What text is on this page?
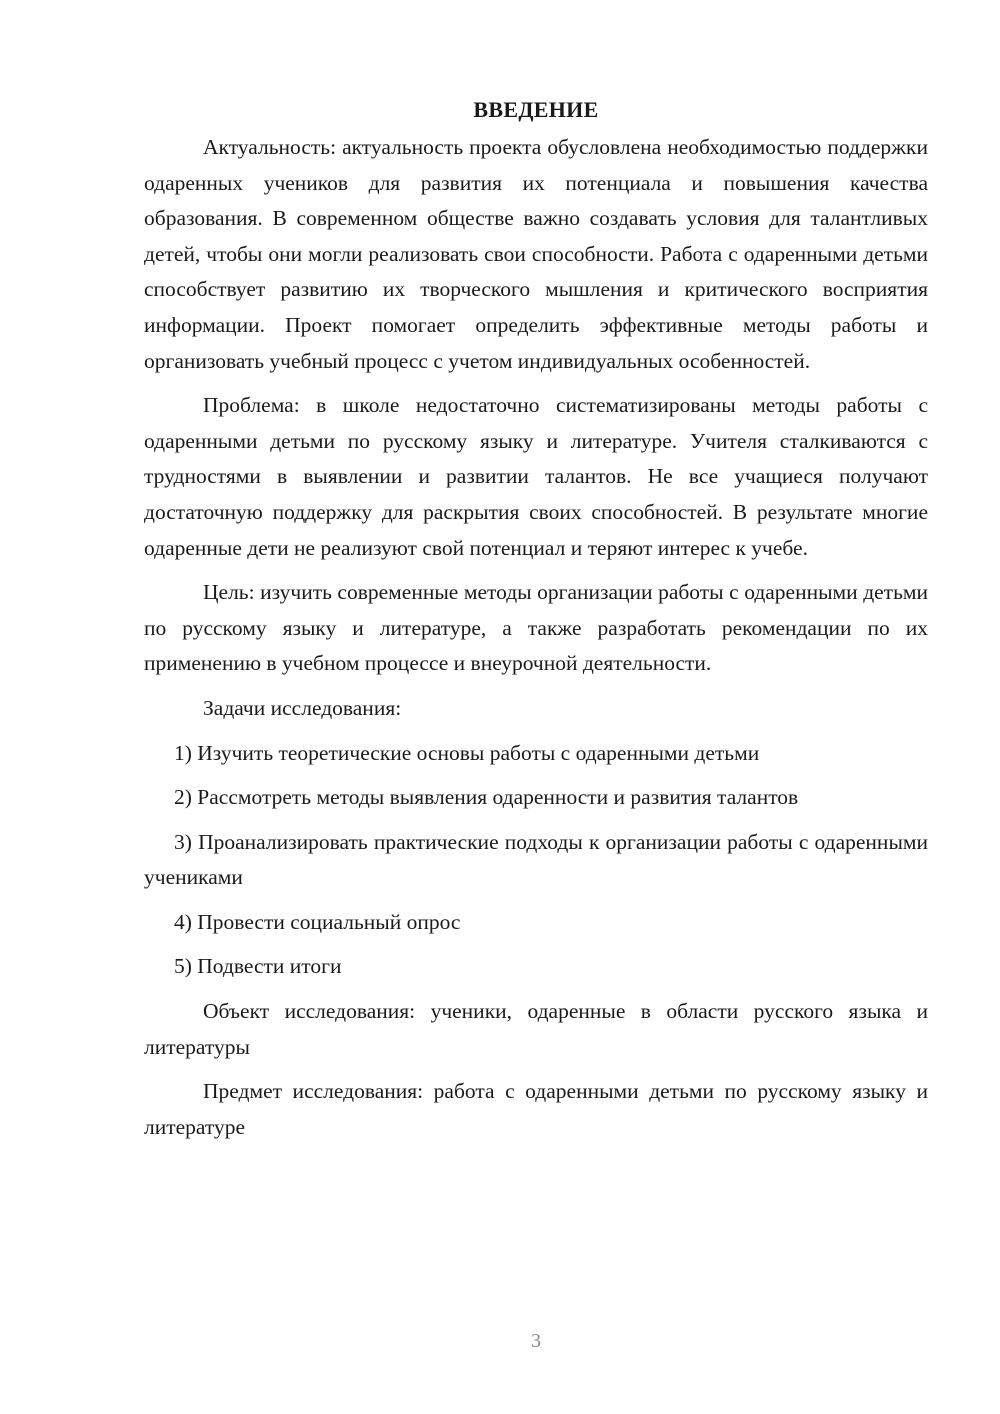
ВВЕДЕНИЕ

Актуальность: актуальность проекта обусловлена необходимостью поддержки одаренных учеников для развития их потенциала и повышения качества образования. В современном обществе важно создавать условия для талантливых детей, чтобы они могли реализовать свои способности. Работа с одаренными детьми способствует развитию их творческого мышления и критического восприятия информации. Проект помогает определить эффективные методы работы и организовать учебный процесс с учетом индивидуальных особенностей.

Проблема: в школе недостаточно систематизированы методы работы с одаренными детьми по русскому языку и литературе. Учителя сталкиваются с трудностями в выявлении и развитии талантов. Не все учащиеся получают достаточную поддержку для раскрытия своих способностей. В результате многие одаренные дети не реализуют свой потенциал и теряют интерес к учебе.

Цель: изучить современные методы организации работы с одаренными детьми по русскому языку и литературе, а также разработать рекомендации по их применению в учебном процессе и внеурочной деятельности.

Задачи исследования:

1) Изучить теоретические основы работы с одаренными детьми

2) Рассмотреть методы выявления одаренности и развития талантов

3) Проанализировать практические подходы к организации работы с одаренными учениками

4) Провести социальный опрос

5) Подвести итоги

Объект исследования: ученики, одаренные в области русского языка и литературы

Предмет исследования: работа с одаренными детьми по русскому языку и литературе

3
